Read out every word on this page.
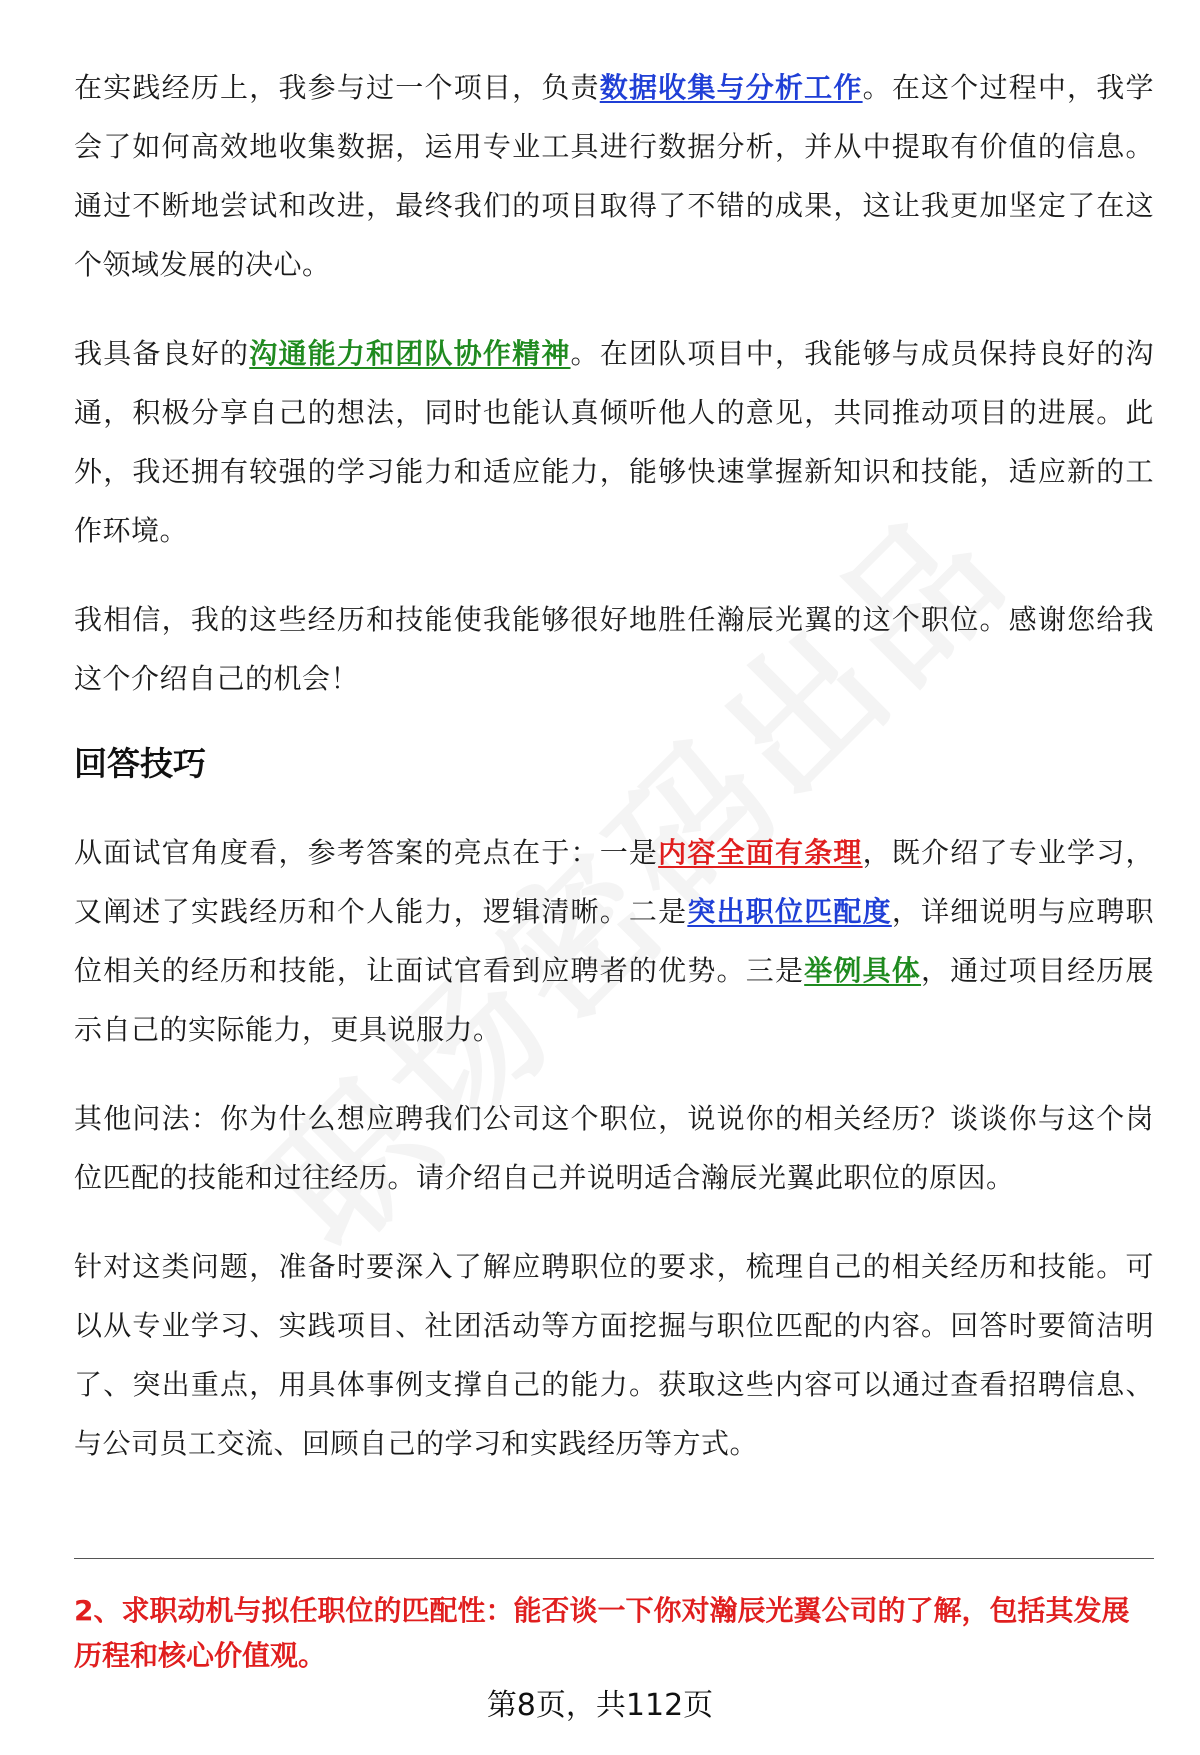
在实践经历上，我参与过一个项目，负责数据收集与分析工作。在这个过程中，我学会了如何高效地收集数据，运用专业工具进行数据分析，并从中提取有价值的信息。通过不断地尝试和改进，最终我们的项目取得了不错的成果，这让我更加坚定了在这个领域发展的决心。

我具备良好的沟通能力和团队协作精神。在团队项目中，我能够与成员保持良好的沟通，积极分享自己的想法，同时也能认真倾听他人的意见，共同推动项目的进展。此外，我还拥有较强的学习能力和适应能力，能够快速掌握新知识和技能，适应新的工作环境。

我相信，我的这些经历和技能使我能够很好地胜任瀚辰光翼的这个职位。感谢您给我这个介绍自己的机会！

回答技巧

从面试官角度看，参考答案的亮点在于：一是内容全面有条理，既介绍了专业学习，又阐述了实践经历和个人能力，逻辑清晰。二是突出职位匹配度，详细说明与应聘职位相关的经历和技能，让面试官看到应聘者的优势。三是举例具体，通过项目经历展示自己的实际能力，更具说服力。

其他问法：你为什么想应聘我们公司这个职位，说说你的相关经历？谈谈你与这个岗位匹配的技能和过往经历。请介绍自己并说明适合瀚辰光翼此职位的原因。

针对这类问题，准备时要深入了解应聘职位的要求，梳理自己的相关经历和技能。可以从专业学习、实践项目、社团活动等方面挖掘与职位匹配的内容。回答时要简洁明了、突出重点，用具体事例支撑自己的能力。获取这些内容可以通过查看招聘信息、与公司员工交流、回顾自己的学习和实践经历等方式。

2、求职动机与拟任职位的匹配性：能否谈一下你对瀚辰光翼公司的了解，包括其发展历程和核心价值观。

第8页，共112页
